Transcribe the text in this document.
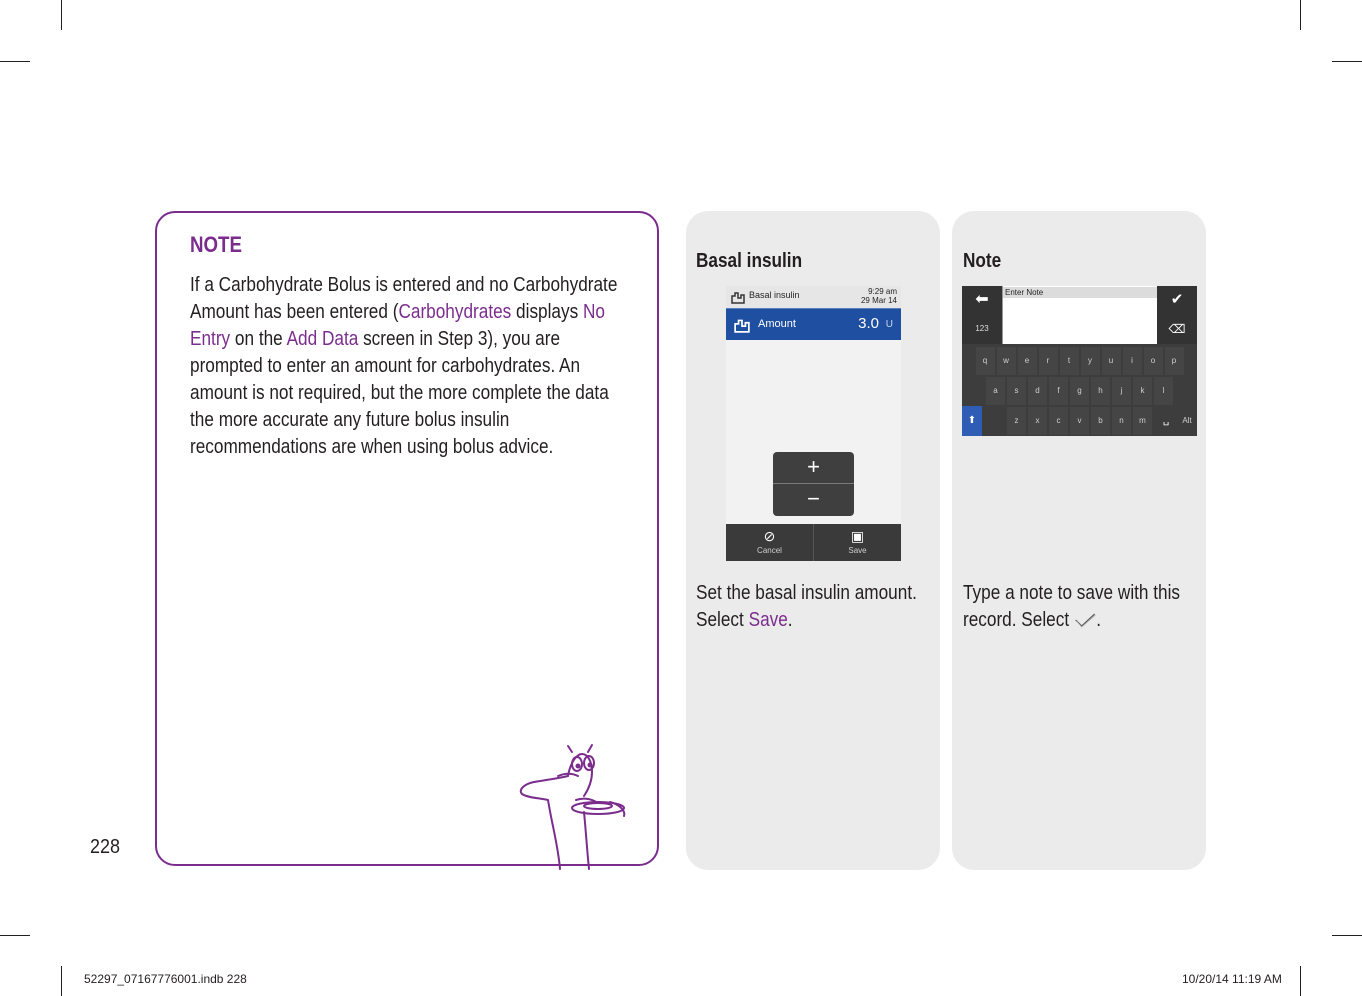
NOTE
If a Carbohydrate Bolus is entered and no Carbohydrate Amount has been entered (Carbohydrates displays No Entry on the Add Data screen in Step 3), you are prompted to enter an amount for carbohydrates. An amount is not required, but the more complete the data the more accurate any future bolus insulin recommendations are when using bolus advice.
228
Basal insulin
Basal insulin	9:29 am
29 Mar 14
Amount	3.0 U
+
−
⊘
Cancel
▣
Save
Set the basal insulin amount. Select Save.
Note
⬅	Enter Note	✔
123	⌫
q	w	e	r	t	y	u	i	o	p
a	s	d	f	g	h	j	k	l
⬆	z	x	c	v	b	n	m	␣	Alt
Type a note to save with this record. Select .
52297_07167776001.indb 228	10/20/14 11:19 AM
